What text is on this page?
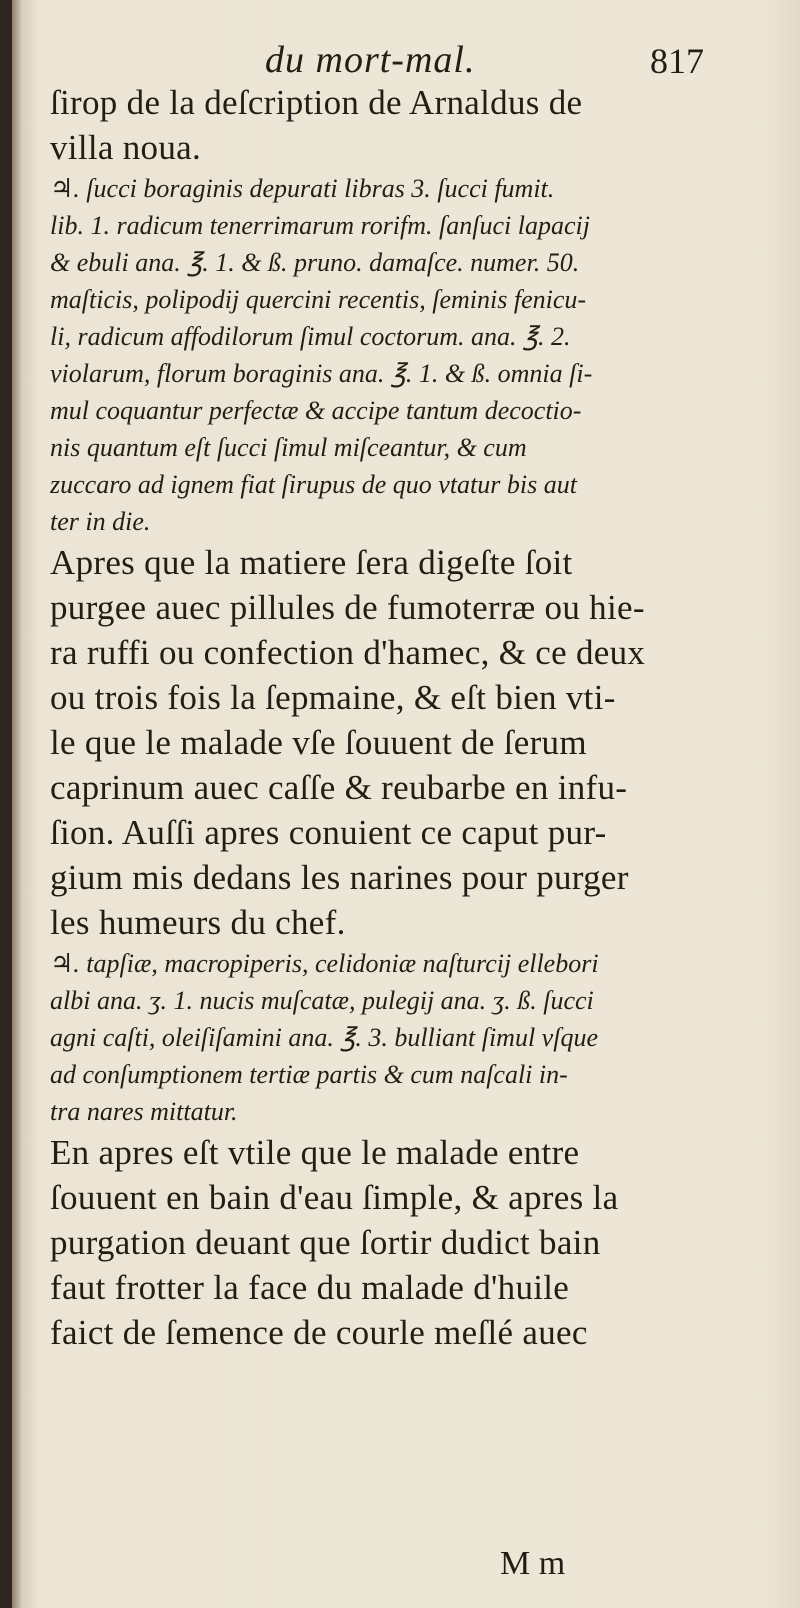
du mort-mal.	817
ſirop de la deſcription de Arnaldus de
villa noua.
♃. ſucci boraginis depurati libras 3. ſucci fumit.
lib. 1. radicum tenerrimarum rorifm. ſanſuci lapacij
& ebuli ana. ℥. 1. & ß. pruno. damaſce. numer. 50.
maſticis, polipodij quercini recentis, ſeminis fenicu-
li, radicum affodilorum ſimul coctorum. ana. ℥. 2.
violarum, florum boraginis ana. ℥. 1. & ß. omnia ſi-
mul coquantur perfectæ & accipe tantum decoctio-
nis quantum eſt ſucci ſimul miſceantur, & cum
zuccaro ad ignem fiat ſirupus de quo vtatur bis aut
ter in die.
Apres que la matiere ſera digeſte ſoit
purgee auec pillules de fumoterræ ou hie-
ra ruffi ou confection d'hamec, & ce deux
ou trois fois la ſepmaine, & eſt bien vti-
le que le malade vſe ſouuent de ſerum
caprinum auec caſſe & reubarbe en infu-
ſion. Auſſi apres conuient ce caput pur-
gium mis dedans les narines pour purger
les humeurs du chef.
♃. tapſiæ, macropiperis, celidoniæ naſturcij ellebori
albi ana. ʒ. 1. nucis muſcatæ, pulegij ana. ʒ. ß. ſucci
agni caſti, oleiſiſamini ana. ℥. 3. bulliant ſimul vſque
ad conſumptionem tertiæ partis & cum naſcali in-
tra nares mittatur.
En apres eſt vtile que le malade entre
ſouuent en bain d'eau ſimple, & apres la
purgation deuant que ſortir dudict bain
faut frotter la face du malade d'huile
faict de ſemence de courle meſlé auec
M m
